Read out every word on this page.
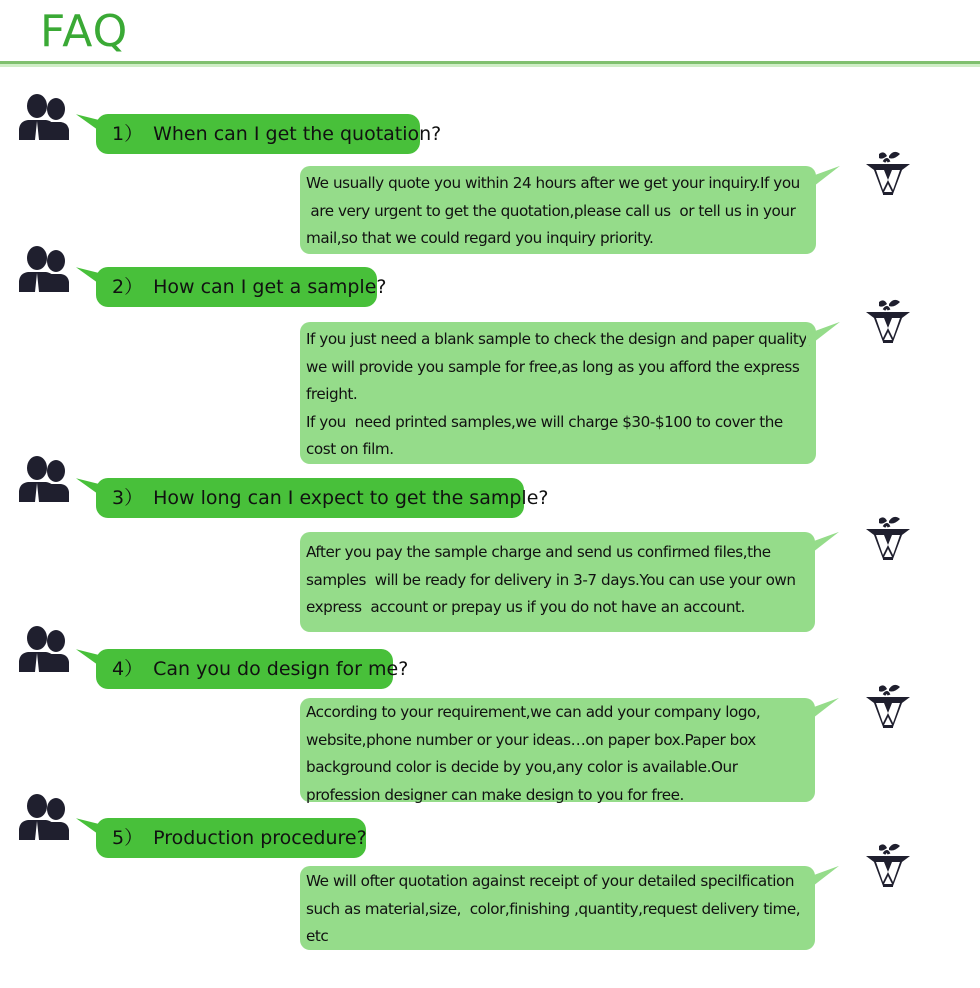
FAQ
1） When can I get the quotation?
We usually quote you within 24 hours after we get your inquiry.If you
are very urgent to get the quotation,please call us  or tell us in your
mail,so that we could regard you inquiry priority.
2） How can I get a sample?
If you just need a blank sample to check the design and paper quality,
we will provide you sample for free,as long as you afford the express
freight.
If you  need printed samples,we will charge $30-$100 to cover the
cost on film.
3） How long can I expect to get the sample?
After you pay the sample charge and send us confirmed files,the
samples  will be ready for delivery in 3-7 days.You can use your own
express  account or prepay us if you do not have an account.
4） Can you do design for me?
According to your requirement,we can add your company logo,
website,phone number or your ideas…on paper box.Paper box
background color is decide by you,any color is available.Our
profession designer can make design to you for free.
5） Production procedure?
We will ofter quotation against receipt of your detailed specilfication
such as material,size,  color,finishing ,quantity,request delivery time,
etc
